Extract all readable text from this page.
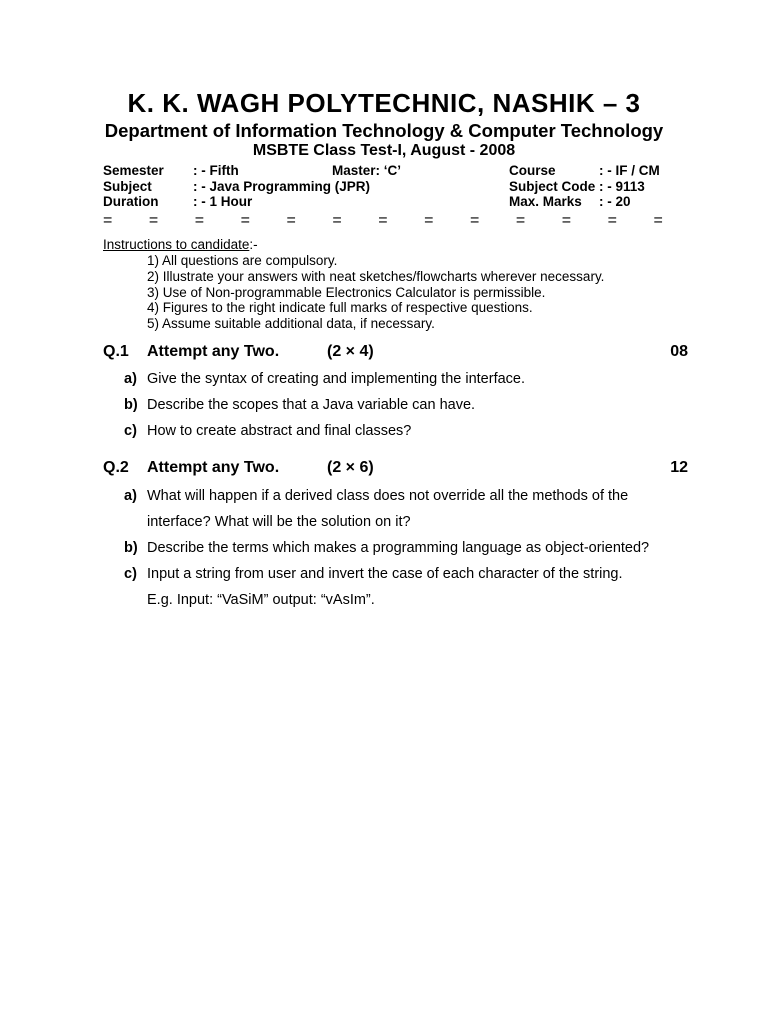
K. K. WAGH POLYTECHNIC, NASHIK – 3
Department of Information Technology & Computer Technology
MSBTE Class Test-I, August - 2008
Semester : - Fifth	Master: ‘C’	Course	: - IF / CM
Subject	: - Java Programming (JPR)	Subject Code : - 9113
Duration	: - 1 Hour	Max. Marks : - 20
= = = = = = = = = = = = =
Instructions to candidate:-
1) All questions are compulsory.
2) Illustrate your answers with neat sketches/flowcharts wherever necessary.
3) Use of Non-programmable Electronics Calculator is permissible.
4) Figures to the right indicate full marks of respective questions.
5) Assume suitable additional data, if necessary.
Q.1 Attempt any Two.	(2 × 4)	08
a) Give the syntax of creating and implementing the interface.
b) Describe the scopes that a Java variable can have.
c) How to create abstract and final classes?
Q.2 Attempt any Two.	(2 × 6)	12
a) What will happen if a derived class does not override all the methods of the interface? What will be the solution on it?
b) Describe the terms which makes a programming language as object-oriented?
c) Input a string from user and invert the case of each character of the string.
E.g. Input: “VaSiM” output: “vAsIm”.
